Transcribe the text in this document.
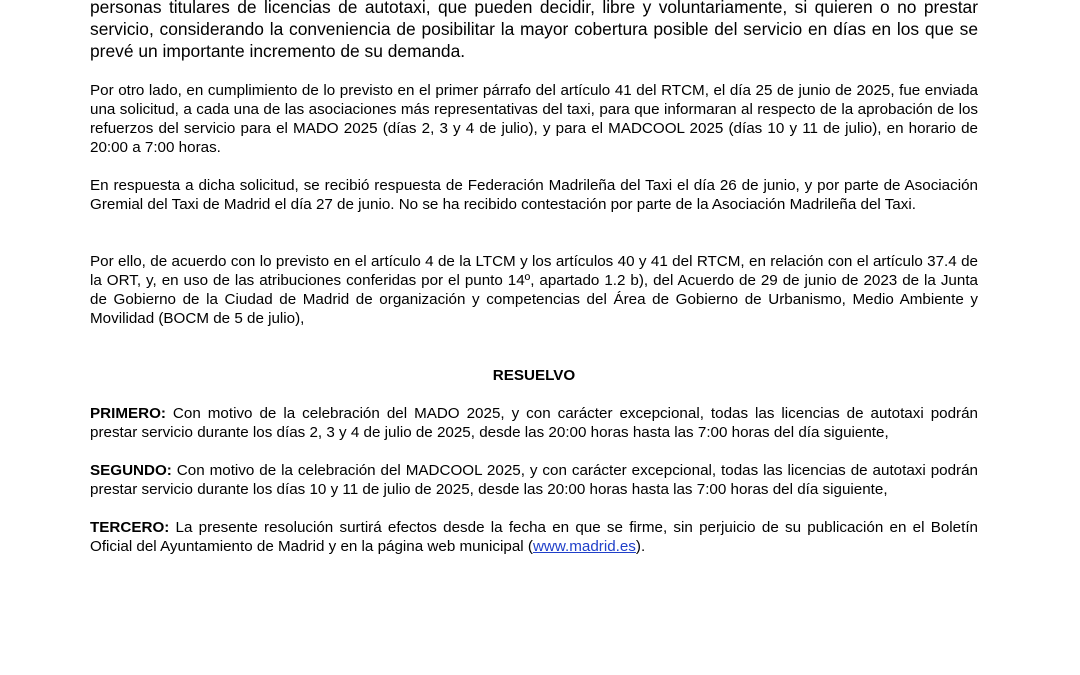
personas titulares de licencias de autotaxi, que pueden decidir, libre y voluntariamente, si quieren o no prestar servicio, considerando la conveniencia de posibilitar la mayor cobertura posible del servicio en días en los que se prevé un importante incremento de su demanda.

Por otro lado, en cumplimiento de lo previsto en el primer párrafo del artículo 41 del RTCM, el día 25 de junio de 2025, fue enviada una solicitud, a cada una de las asociaciones más representativas del taxi, para que informaran al respecto de la aprobación de los refuerzos del servicio para el MADO 2025 (días 2, 3 y 4 de julio), y para el MADCOOL 2025 (días 10 y 11 de julio), en horario de 20:00 a 7:00 horas.

En respuesta a dicha solicitud, se recibió respuesta de Federación Madrileña del Taxi el día 26 de junio, y por parte de Asociación Gremial del Taxi de Madrid el día 27 de junio. No se ha recibido contestación por parte de la Asociación Madrileña del Taxi.

Por ello, de acuerdo con lo previsto en el artículo 4 de la LTCM y los artículos 40 y 41 del RTCM, en relación con el artículo 37.4 de la ORT, y, en uso de las atribuciones conferidas por el punto 14º, apartado 1.2 b), del Acuerdo de 29 de junio de 2023 de la Junta de Gobierno de la Ciudad de Madrid de organización y competencias del Área de Gobierno de Urbanismo, Medio Ambiente y Movilidad (BOCM de 5 de julio),

RESUELVO

PRIMERO: Con motivo de la celebración del MADO 2025, y con carácter excepcional, todas las licencias de autotaxi podrán prestar servicio durante los días 2, 3 y 4 de julio de 2025, desde las 20:00 horas hasta las 7:00 horas del día siguiente,

SEGUNDO: Con motivo de la celebración del MADCOOL 2025, y con carácter excepcional, todas las licencias de autotaxi podrán prestar servicio durante los días 10 y 11 de julio de 2025, desde las 20:00 horas hasta las 7:00 horas del día siguiente,

TERCERO: La presente resolución surtirá efectos desde la fecha en que se firme, sin perjuicio de su publicación en el Boletín Oficial del Ayuntamiento de Madrid y en la página web municipal (www.madrid.es).
